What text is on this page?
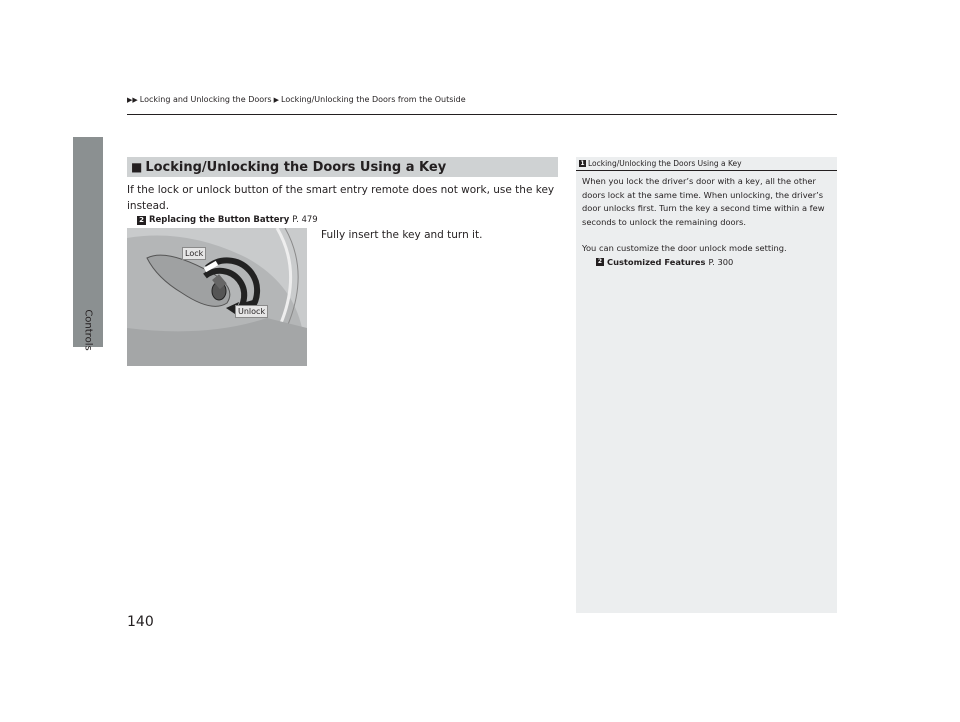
Controls
▶▶ Locking and Unlocking the Doors ▶ Locking/Unlocking the Doors from the Outside
■ Locking/Unlocking the Doors Using a Key
If the lock or unlock button of the smart entry remote does not work, use the key instead.
2 Replacing the Button Battery P. 479
Lock
Unlock
Fully insert the key and turn it.
1 Locking/Unlocking the Doors Using a Key

When you lock the driver’s door with a key, all the other doors lock at the same time. When unlocking, the driver’s door unlocks first. Turn the key a second time within a few seconds to unlock the remaining doors.

You can customize the door unlock mode setting.
2 Customized Features P. 300
140
